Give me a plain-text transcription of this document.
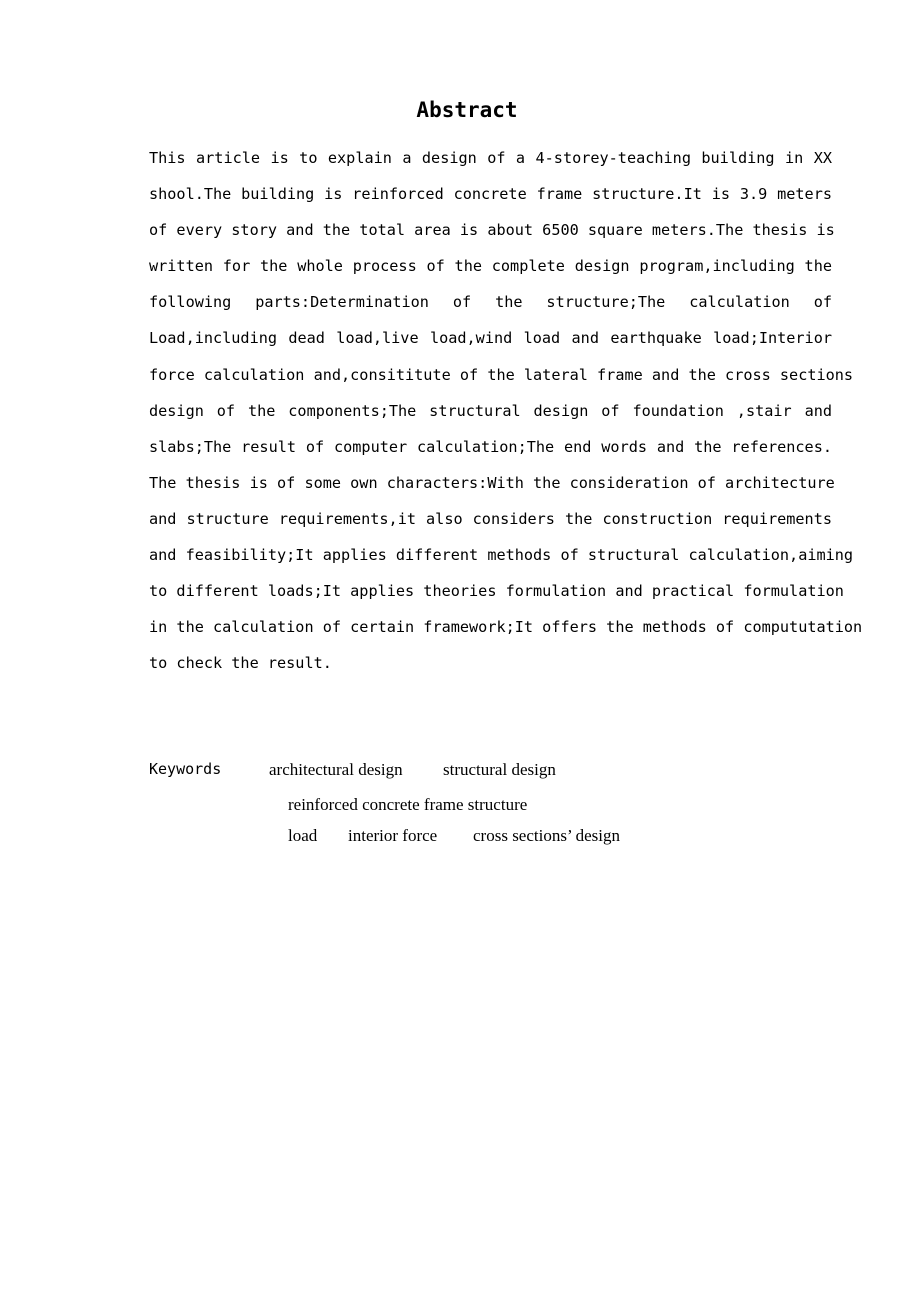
Abstract
This article is to explain a design of a 4-storey-teaching building in XX
shool.The building is reinforced concrete frame structure.It is 3.9 meters
of every story and the total area is about 6500 square meters.The thesis is
written for the whole process of the complete design program,including the
following parts:Determination of the structure;The calculation of
Load,including dead load,live load,wind load and earthquake load;Interior
force calculation and,consititute of the lateral frame and the cross sections
design of the components;The structural design of foundation ,stair and
slabs;The result of computer calculation;The end words and the references.
The thesis is of some own characters:With the consideration of architecture
and structure requirements,it also considers the construction requirements
and feasibility;It applies different methods of structural calculation,aiming
to different loads;It applies theories formulation and practical formulation
in the calculation of certain framework;It offers the methods of compututation
to check the result.
Keywords	architectural design structural design
reinforced concrete frame structure
load interior force cross sections’ design
